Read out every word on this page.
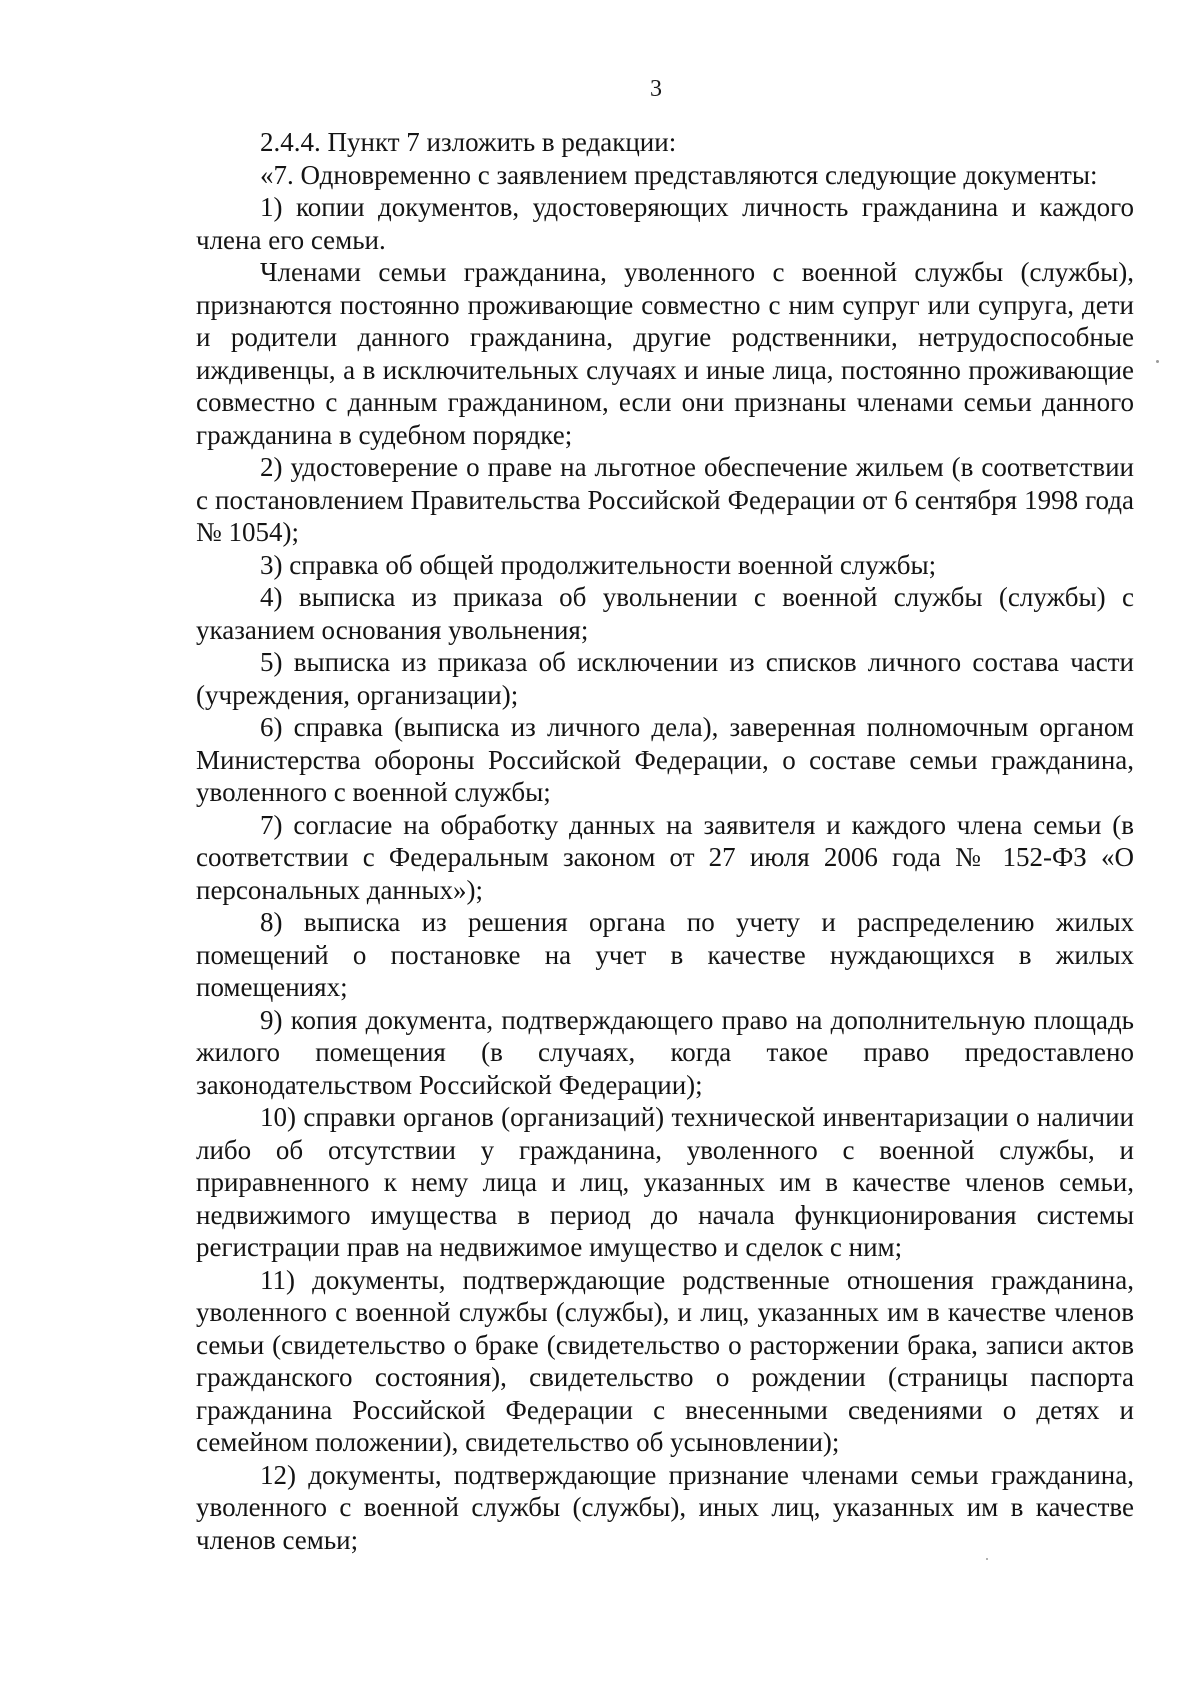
3

2.4.4. Пункт 7 изложить в редакции:

«7. Одновременно с заявлением представляются следующие документы:

1) копии документов, удостоверяющих личность гражданина и каждого члена его семьи.

Членами семьи гражданина, уволенного с военной службы (службы), признаются постоянно проживающие совместно с ним супруг или супруга, дети и родители данного гражданина, другие родственники, нетрудоспособные иждивенцы, а в исключительных случаях и иные лица, постоянно проживающие совместно с данным гражданином, если они признаны членами семьи данного гражданина в судебном порядке;

2) удостоверение о праве на льготное обеспечение жильем (в соответствии с постановлением Правительства Российской Федерации от 6 сентября 1998 года № 1054);

3) справка об общей продолжительности военной службы;

4) выписка из приказа об увольнении с военной службы (службы) с указанием основания увольнения;

5) выписка из приказа об исключении из списков личного состава части (учреждения, организации);

6) справка (выписка из личного дела), заверенная полномочным органом Министерства обороны Российской Федерации, о составе семьи гражданина, уволенного с военной службы;

7) согласие на обработку данных на заявителя и каждого члена семьи (в соответствии с Федеральным законом от 27 июля 2006 года № 152-ФЗ «О персональных данных»);

8) выписка из решения органа по учету и распределению жилых помещений о постановке на учет в качестве нуждающихся в жилых помещениях;

9) копия документа, подтверждающего право на дополнительную площадь жилого помещения (в случаях, когда такое право предоставлено законодательством Российской Федерации);

10) справки органов (организаций) технической инвентаризации о наличии либо об отсутствии у гражданина, уволенного с военной службы, и приравненного к нему лица и лиц, указанных им в качестве членов семьи, недвижимого имущества в период до начала функционирования системы регистрации прав на недвижимое имущество и сделок с ним;

11) документы, подтверждающие родственные отношения гражданина, уволенного с военной службы (службы), и лиц, указанных им в качестве членов семьи (свидетельство о браке (свидетельство о расторжении брака, записи актов гражданского состояния), свидетельство о рождении (страницы паспорта гражданина Российской Федерации с внесенными сведениями о детях и семейном положении), свидетельство об усыновлении);

12) документы, подтверждающие признание членами семьи гражданина, уволенного с военной службы (службы), иных лиц, указанных им в качестве членов семьи;
